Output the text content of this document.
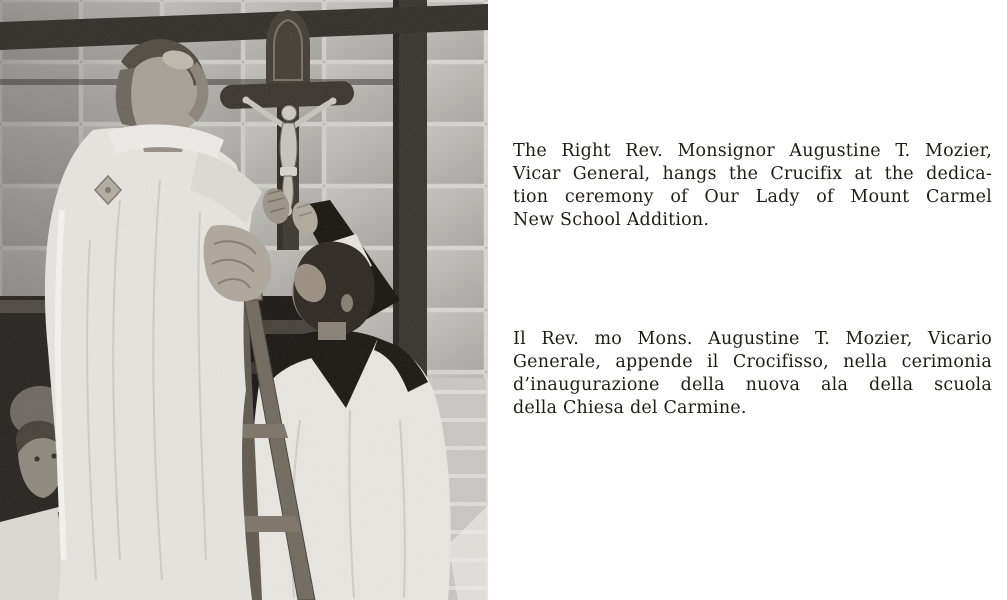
The Right Rev. Monsignor Augustine T. Mozier,
Vicar General, hangs the Crucifix at the dedica-
tion ceremony of Our Lady of Mount Carmel
New School Addition.
Il Rev. mo Mons. Augustine T. Mozier, Vicario
Generale, appende il Crocifisso, nella cerimonia
d’inaugurazione della nuova ala della scuola
della Chiesa del Carmine.
